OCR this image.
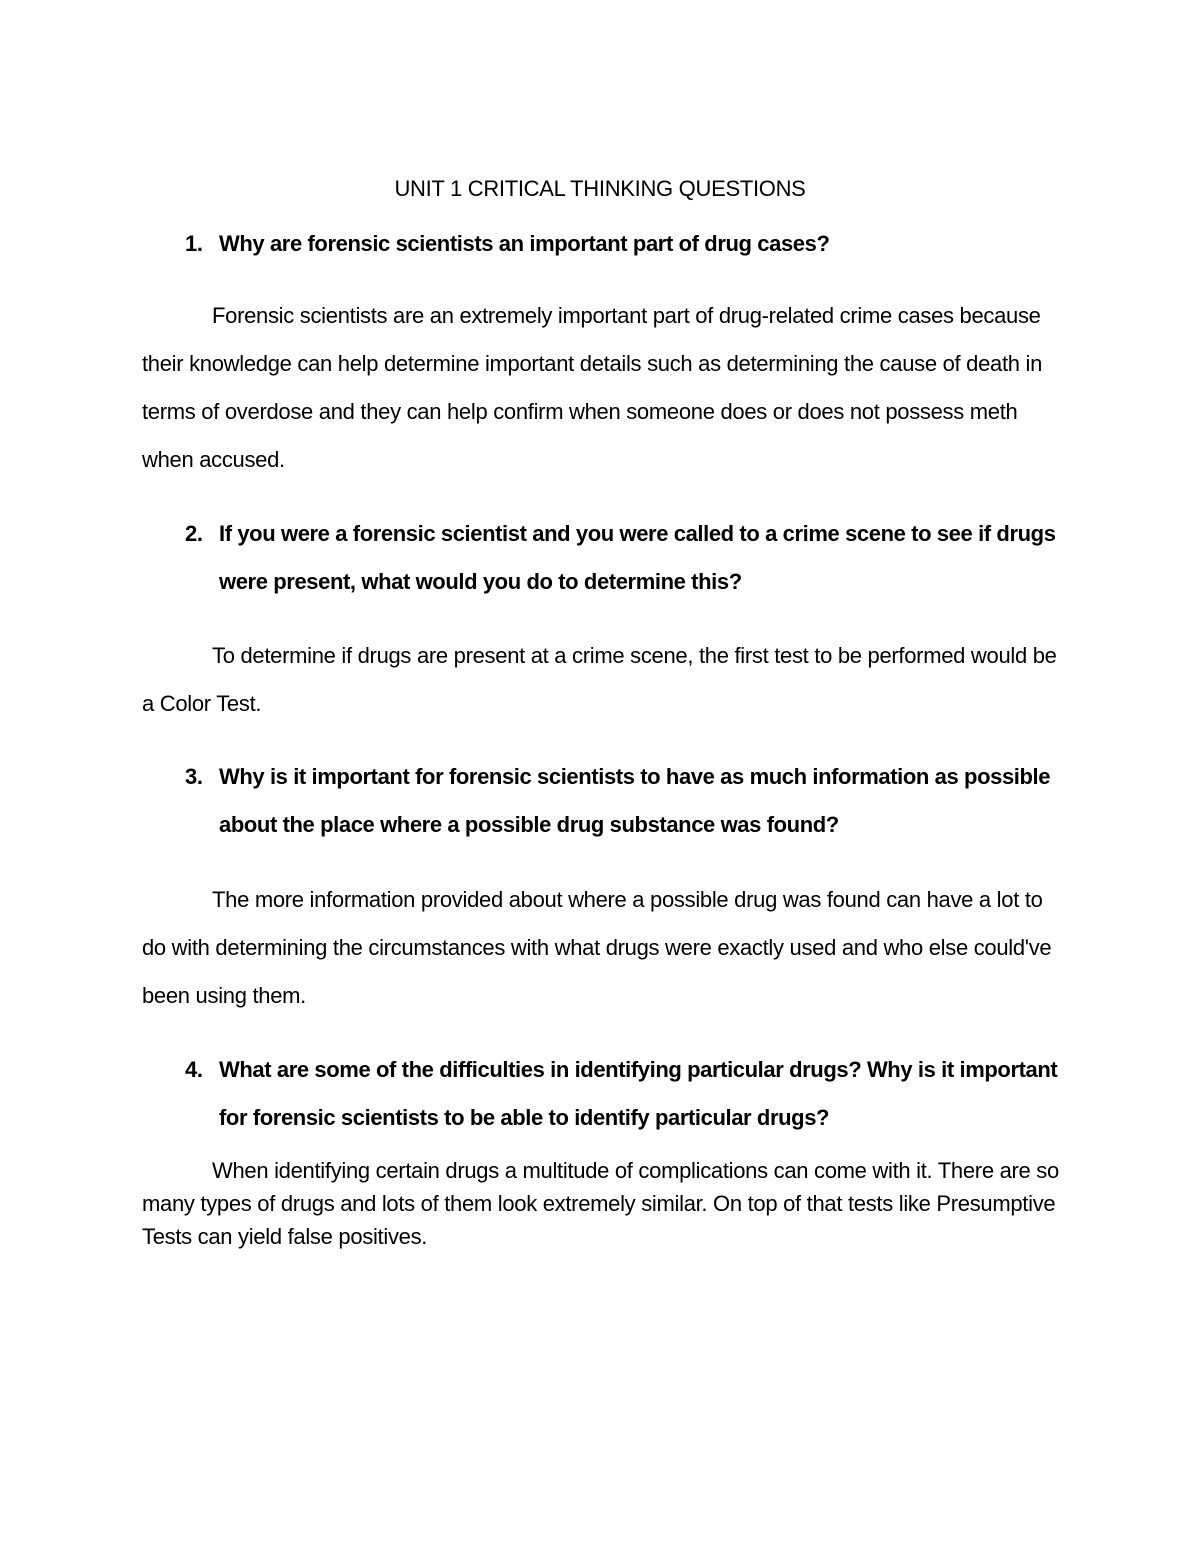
UNIT 1 CRITICAL THINKING QUESTIONS
1. Why are forensic scientists an important part of drug cases?

Forensic scientists are an extremely important part of drug-related crime cases because their knowledge can help determine important details such as determining the cause of death in terms of overdose and they can help confirm when someone does or does not possess meth when accused.

2. If you were a forensic scientist and you were called to a crime scene to see if drugs were present, what would you do to determine this?

To determine if drugs are present at a crime scene, the first test to be performed would be a Color Test.

3. Why is it important for forensic scientists to have as much information as possible about the place where a possible drug substance was found?

The more information provided about where a possible drug was found can have a lot to do with determining the circumstances with what drugs were exactly used and who else could've been using them.

4. What are some of the difficulties in identifying particular drugs? Why is it important for forensic scientists to be able to identify particular drugs?

When identifying certain drugs a multitude of complications can come with it. There are so many types of drugs and lots of them look extremely similar. On top of that tests like Presumptive Tests can yield false positives.
